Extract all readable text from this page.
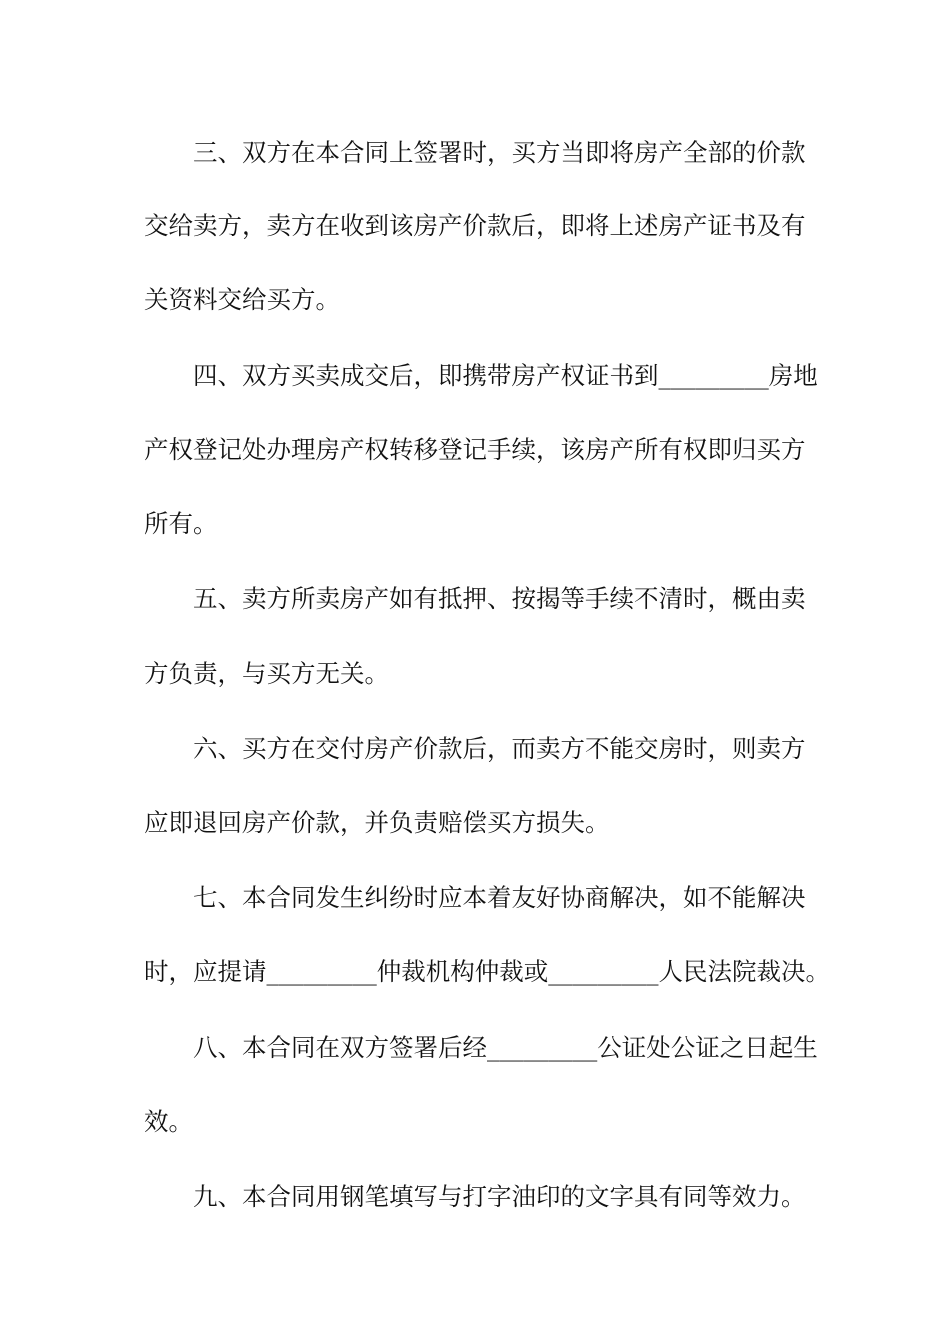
三、双方在本合同上签署时，买方当即将房产全部的价款
交给卖方，卖方在收到该房产价款后，即将上述房产证书及有
关资料交给买方。
四、双方买卖成交后，即携带房产权证书到_________房地
产权登记处办理房产权转移登记手续，该房产所有权即归买方
所有。
五、卖方所卖房产如有抵押、按揭等手续不清时，概由卖
方负责，与买方无关。
六、买方在交付房产价款后，而卖方不能交房时，则卖方
应即退回房产价款，并负责赔偿买方损失。
七、本合同发生纠纷时应本着友好协商解决，如不能解决
时，应提请_________仲裁机构仲裁或_________人民法院裁决。
八、本合同在双方签署后经_________公证处公证之日起生
效。
九、本合同用钢笔填写与打字油印的文字具有同等效力。
